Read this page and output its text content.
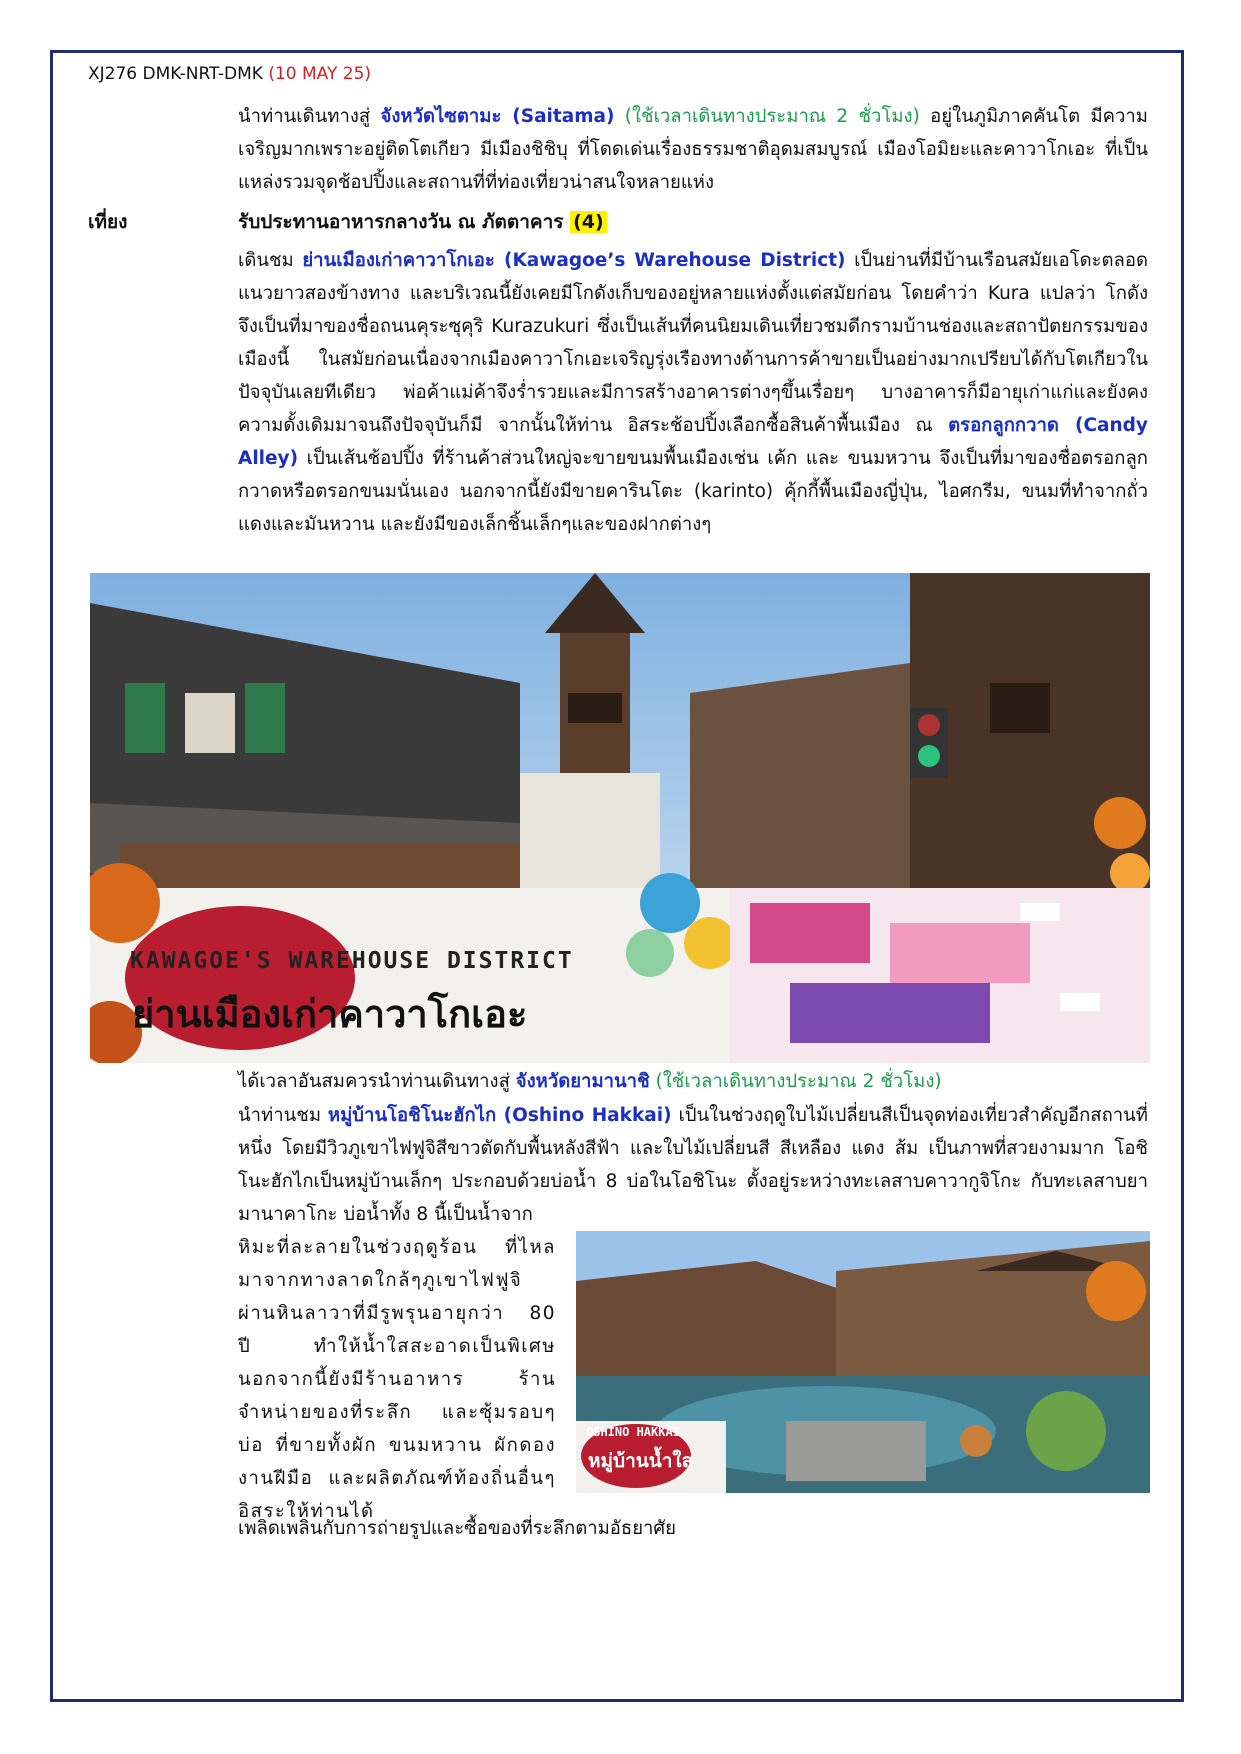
XJ276 DMK-NRT-DMK (10 MAY 25)

นำท่านเดินทางสู่ จังหวัดไซตามะ (Saitama) (ใช้เวลาเดินทางประมาณ 2 ชั่วโมง) อยู่ในภูมิภาคคันโต มีความเจริญมากเพราะอยู่ติดโตเกียว มีเมืองชิชิบุ ที่โดดเด่นเรื่องธรรมชาติอุดมสมบูรณ์ เมืองโอมิยะและคาวาโกเอะ ที่เป็นแหล่งรวมจุดช้อปปิ้งและสถานที่ที่ท่องเที่ยวน่าสนใจหลายแห่ง

เที่ยง	รับประทานอาหารกลางวัน ณ ภัตตาคาร (4)

เดินชม ย่านเมืองเก่าคาวาโกเอะ (Kawagoe’s Warehouse District) เป็นย่านที่มีบ้านเรือนสมัยเอโดะตลอดแนวยาวสองข้างทาง และบริเวณนี้ยังเคยมีโกดังเก็บของอยู่หลายแห่งตั้งแต่สมัยก่อน โดยคำว่า Kura แปลว่า โกดัง จึงเป็นที่มาของชื่อถนนคุระซุคุริ Kurazukuri ซึ่งเป็นเส้นที่คนนิยมเดินเที่ยวชมดีกรามบ้านช่องและสถาปัตยกรรมของเมืองนี้ ในสมัยก่อนเนื่องจากเมืองคาวาโกเอะเจริญรุ่งเรืองทางด้านการค้าขายเป็นอย่างมากเปรียบได้กับโตเกียวในปัจจุบันเลยทีเดียว พ่อค้าแม่ค้าจึงร่ำรวยและมีการสร้างอาคารต่างๆขึ้นเรื่อยๆ บางอาคารก็มีอายุเก่าแก่และยังคงความดั้งเดิมมาจนถึงปัจจุบันก็มี จากนั้นให้ท่าน อิสระช้อปปิ้งเลือกซื้อสินค้าพื้นเมือง ณ ตรอกลูกกวาด (Candy Alley) เป็นเส้นช้อปปิ้ง ที่ร้านค้าส่วนใหญ่จะขายขนมพื้นเมืองเช่น เค้ก และ ขนมหวาน จึงเป็นที่มาของชื่อตรอกลูกกวาดหรือตรอกขนมนั่นเอง นอกจากนี้ยังมีขายคารินโตะ (karinto) คุ้กกี้พื้นเมืองญี่ปุ่น, ไอศกรีม, ขนมที่ทำจากถั่วแดงและมันหวาน และยังมีของเล็กชิ้นเล็กๆและของฝากต่างๆ

KAWAGOE'S WAREHOUSE DISTRICT
ย่านเมืองเก่าคาวาโกเอะ

ได้เวลาอันสมควรนำท่านเดินทางสู่ จังหวัดยามานาชิ (ใช้เวลาเดินทางประมาณ 2 ชั่วโมง)

นำท่านชม หมู่บ้านโอชิโนะฮักไก (Oshino Hakkai) เป็นในช่วงฤดูใบไม้เปลี่ยนสีเป็นจุดท่องเที่ยวสำคัญอีกสถานที่หนึ่ง โดยมีวิวภูเขาไฟฟูจิสีขาวตัดกับพื้นหลังสีฟ้า และใบไม้เปลี่ยนสี สีเหลือง แดง ส้ม เป็นภาพที่สวยงามมาก โอชิโนะฮักไกเป็นหมู่บ้านเล็กๆ ประกอบด้วยบ่อน้ำ 8 บ่อในโอชิโนะ ตั้งอยู่ระหว่างทะเลสาบคาวากูจิโกะ กับทะเลสาบยามานาคาโกะ บ่อน้ำทั้ง 8 นี้เป็นน้ำจาก

หิมะที่ละลายในช่วงฤดูร้อน ที่ไหลมาจากทางลาดใกล้ๆภูเขาไฟฟูจิ ผ่านหินลาวาที่มีรูพรุนอายุกว่า 80 ปี ทำให้น้ำใสสะอาดเป็นพิเศษ นอกจากนี้ยังมีร้านอาหาร ร้านจำหน่ายของที่ระลึก และซุ้มรอบๆ บ่อ ที่ขายทั้งผัก ขนมหวาน ผักดอง งานฝีมือ และผลิตภัณฑ์ท้องถิ่นอื่นๆ อิสระให้ท่านได้
OSHINO HAKKAI
หมู่บ้านน้ำใส
เพลิดเพลินกับการถ่ายรูปและซื้อของที่ระลึกตามอัธยาศัย
